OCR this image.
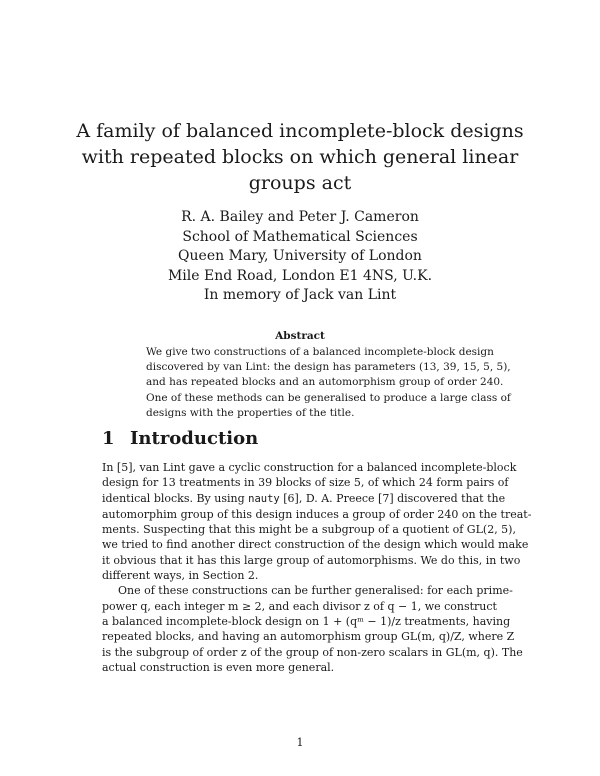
A family of balanced incomplete-block designs
with repeated blocks on which general linear
groups act
R. A. Bailey and Peter J. Cameron
School of Mathematical Sciences
Queen Mary, University of London
Mile End Road, London E1 4NS, U.K.
In memory of Jack van Lint
Abstract
We give two constructions of a balanced incomplete-block design
discovered by van Lint: the design has parameters (13, 39, 15, 5, 5),
and has repeated blocks and an automorphism group of order 240.
One of these methods can be generalised to produce a large class of
designs with the properties of the title.
1 Introduction
In [5], van Lint gave a cyclic construction for a balanced incomplete-block
design for 13 treatments in 39 blocks of size 5, of which 24 form pairs of
identical blocks. By using nauty [6], D. A. Preece [7] discovered that the
automorphim group of this design induces a group of order 240 on the treat-
ments. Suspecting that this might be a subgroup of a quotient of GL(2, 5),
we tried to find another direct construction of the design which would make
it obvious that it has this large group of automorphisms. We do this, in two
different ways, in Section 2.
One of these constructions can be further generalised: for each prime-
power q, each integer m ≥ 2, and each divisor z of q − 1, we construct
a balanced incomplete-block design on 1 + (qᵐ − 1)/z treatments, having
repeated blocks, and having an automorphism group GL(m, q)/Z, where Z
is the subgroup of order z of the group of non-zero scalars in GL(m, q). The
actual construction is even more general.
1
